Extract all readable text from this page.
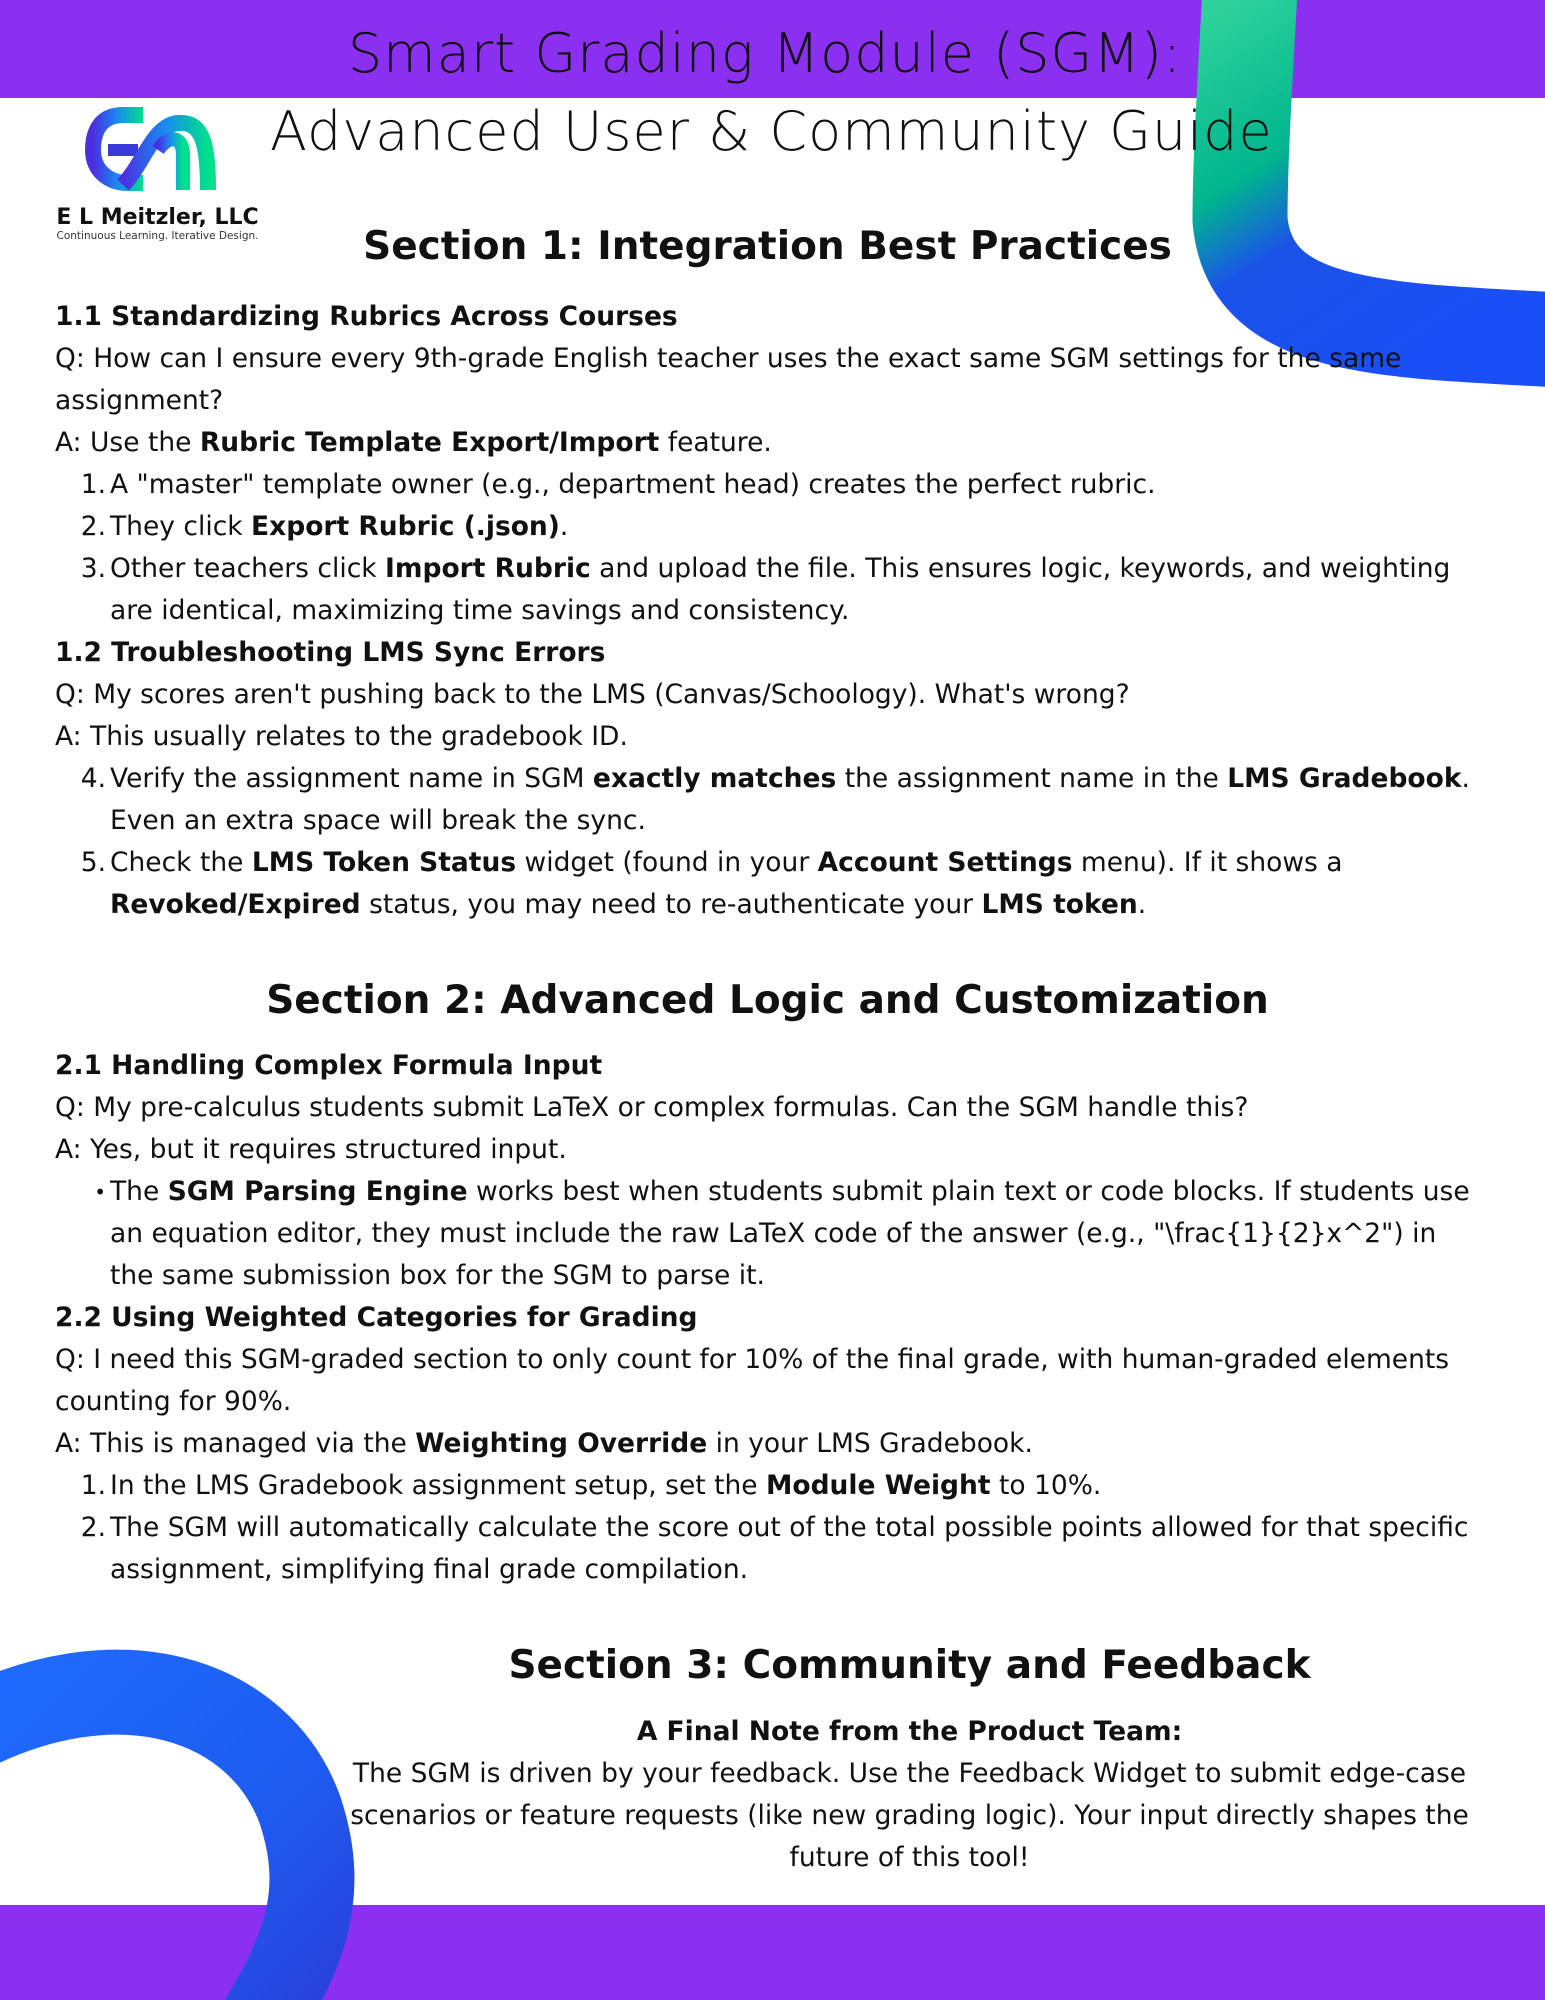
Smart Grading Module (SGM):
Advanced User & Community Guide
E L Meitzler, LLC
Continuous Learning. Iterative Design.	Section 1: Integration Best Practices
1.1 Standardizing Rubrics Across Courses
Q: How can I ensure every 9th-grade English teacher uses the exact same SGM settings for the same assignment?
A: Use the Rubric Template Export/Import feature.
1. A "master" template owner (e.g., department head) creates the perfect rubric.
2. They click Export Rubric (.json).
3. Other teachers click Import Rubric and upload the file. This ensures logic, keywords, and weighting are identical, maximizing time savings and consistency.
1.2 Troubleshooting LMS Sync Errors
Q: My scores aren't pushing back to the LMS (Canvas/Schoology). What's wrong?
A: This usually relates to the gradebook ID.
4. Verify the assignment name in SGM exactly matches the assignment name in the LMS Gradebook. Even an extra space will break the sync.
5. Check the LMS Token Status widget (found in your Account Settings menu). If it shows a Revoked/Expired status, you may need to re-authenticate your LMS token.
Section 2: Advanced Logic and Customization
2.1 Handling Complex Formula Input
Q: My pre-calculus students submit LaTeX or complex formulas. Can the SGM handle this?
A: Yes, but it requires structured input.
• The SGM Parsing Engine works best when students submit plain text or code blocks. If students use an equation editor, they must include the raw LaTeX code of the answer (e.g., "\frac{1}{2}x^2") in the same submission box for the SGM to parse it.
2.2 Using Weighted Categories for Grading
Q: I need this SGM-graded section to only count for 10% of the final grade, with human-graded elements counting for 90%.
A: This is managed via the Weighting Override in your LMS Gradebook.
1. In the LMS Gradebook assignment setup, set the Module Weight to 10%.
2. The SGM will automatically calculate the score out of the total possible points allowed for that specific assignment, simplifying final grade compilation.
Section 3: Community and Feedback
A Final Note from the Product Team:
The SGM is driven by your feedback. Use the Feedback Widget to submit edge-case scenarios or feature requests (like new grading logic). Your input directly shapes the future of this tool!
